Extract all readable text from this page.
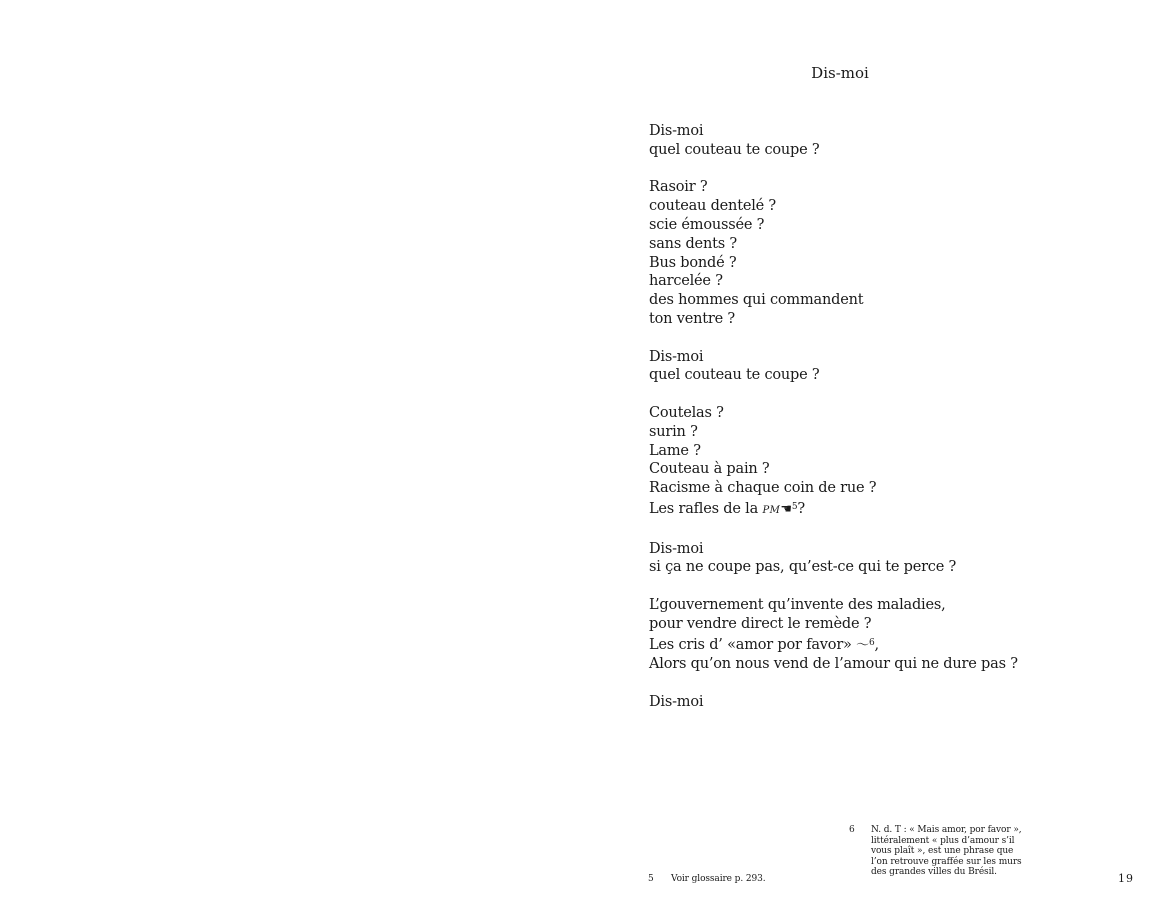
Dis-moi
Dis-moi
quel couteau te coupe ?
Rasoir ?
couteau dentelé ?
scie émoussée ?
sans dents ?
Bus bondé ?
harcelée ?
des hommes qui commandent
ton ventre ?
Dis-moi
quel couteau te coupe ?
Coutelas ?
surin ?
Lame ?
Couteau à pain ?
Racisme à chaque coin de rue ?
Les rafles de la PM☚$^5$?
Dis-moi
si ça ne coupe pas, qu’est-ce qui te perce ?
L’gouvernement qu’invente des maladies,
pour vendre direct le remède ?
Les cris d’ «amor por favor» 〜$^6$,
Alors qu’on nous vend de l’amour qui ne dure pas ?
Dis-moi
5 Voir glossaire p. 293.
6 N. d. T : « Mais amor, por favor »,
littéralement « plus d’amour s’il
vous plaît », est une phrase que
l’on retrouve graffée sur les murs
des grandes villes du Brésil.	19
